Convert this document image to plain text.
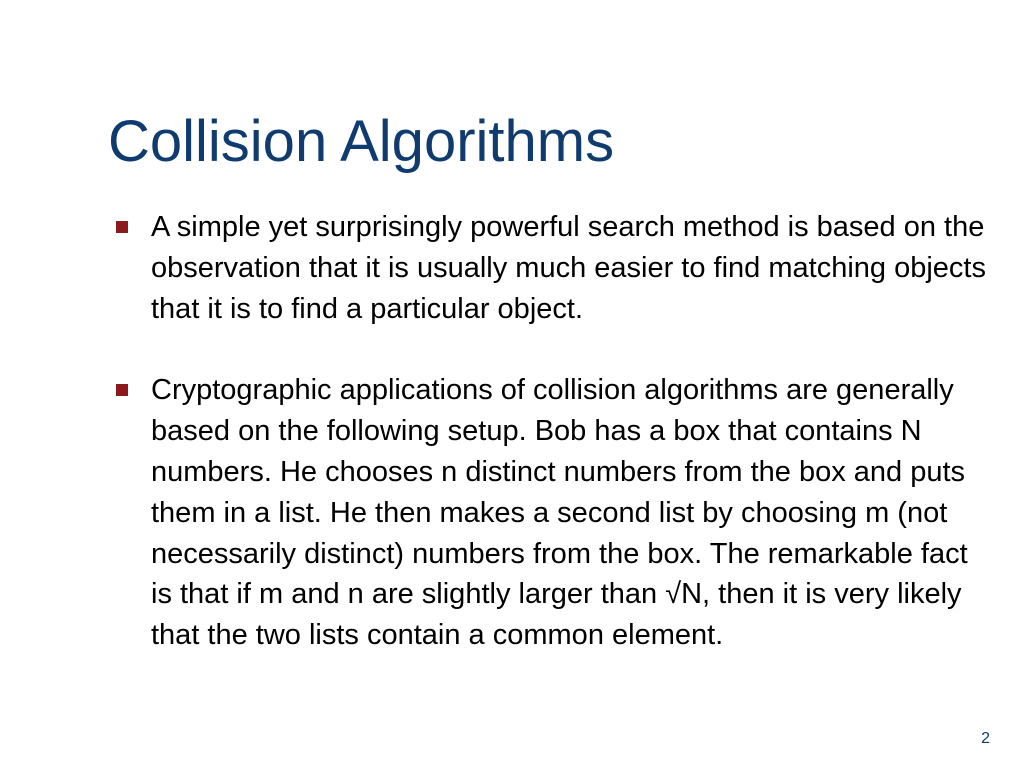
Collision Algorithms
A simple yet surprisingly powerful search method is based on the observation that it is usually much easier to find matching objects that it is to find a particular object.
Cryptographic applications of collision algorithms are generally based on the following setup. Bob has a box that contains N numbers. He chooses n distinct numbers from the box and puts them in a list. He then makes a second list by choosing m (not necessarily distinct) numbers from the box. The remarkable fact is that if m and n are slightly larger than √N, then it is very likely that the two lists contain a common element.
2
